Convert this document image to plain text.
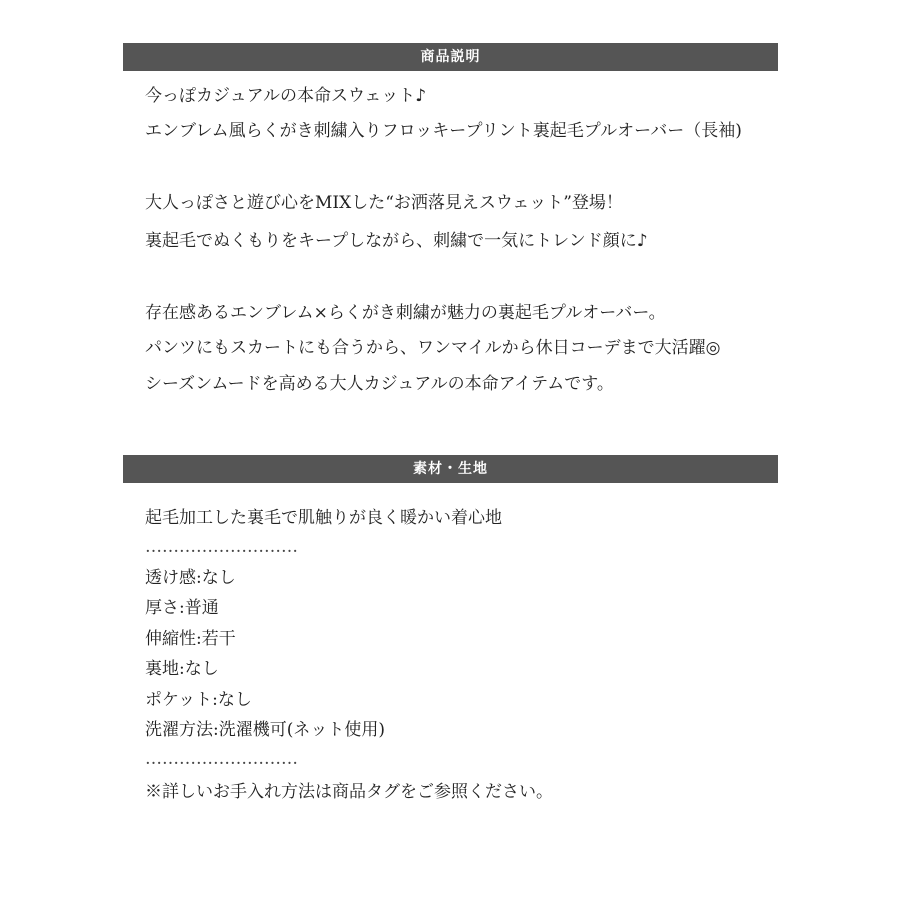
商品説明
今っぽカジュアルの本命スウェット♪
エンブレム風らくがき刺繍入りフロッキープリント裏起毛プルオーバー（長袖)
大人っぽさと遊び心をMIXした“お洒落見えスウェット”登場！
裏起毛でぬくもりをキープしながら、刺繍で一気にトレンド顔に♪
存在感あるエンブレム×らくがき刺繍が魅力の裏起毛プルオーバー。
パンツにもスカートにも合うから、ワンマイルから休日コーデまで大活躍◎
シーズンムードを高める大人カジュアルの本命アイテムです。
素材・生地
起毛加工した裏毛で肌触りが良く暖かい着心地
………………………
透け感:なし
厚さ:普通
伸縮性:若干
裏地:なし
ポケット:なし
洗濯方法:洗濯機可(ネット使用)
………………………
※詳しいお手入れ方法は商品タグをご参照ください。
